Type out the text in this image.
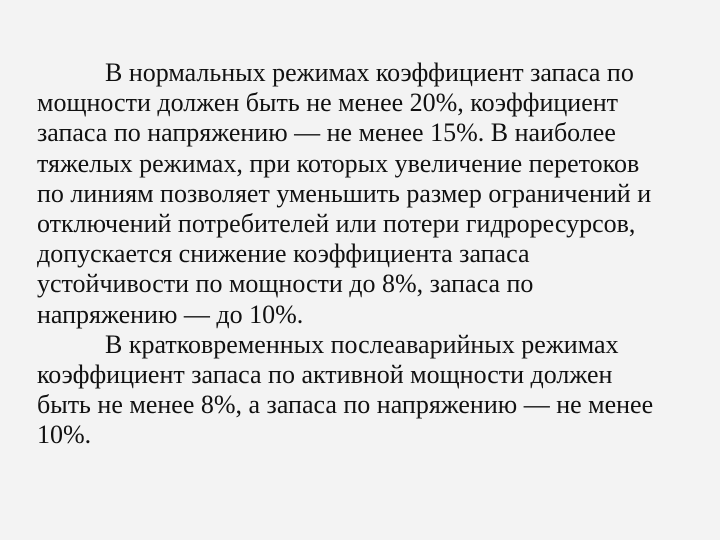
В нормальных режимах коэффициент запаса по
мощности должен быть не менее 20%, коэффициент
запаса по напряжению — не менее 15%. В наиболее
тяжелых режимах, при которых увеличение перетоков
по линиям позволяет уменьшить размер ограничений и
отключений потребителей или потери гидроресурсов,
допускается снижение коэффициента запаса
устойчивости по мощности до 8%, запаса по
напряжению — до 10%.
В кратковременных послеаварийных режимах
коэффициент запаса по активной мощности должен
быть не менее 8%, а запаса по напряжению — не менее
10%.
